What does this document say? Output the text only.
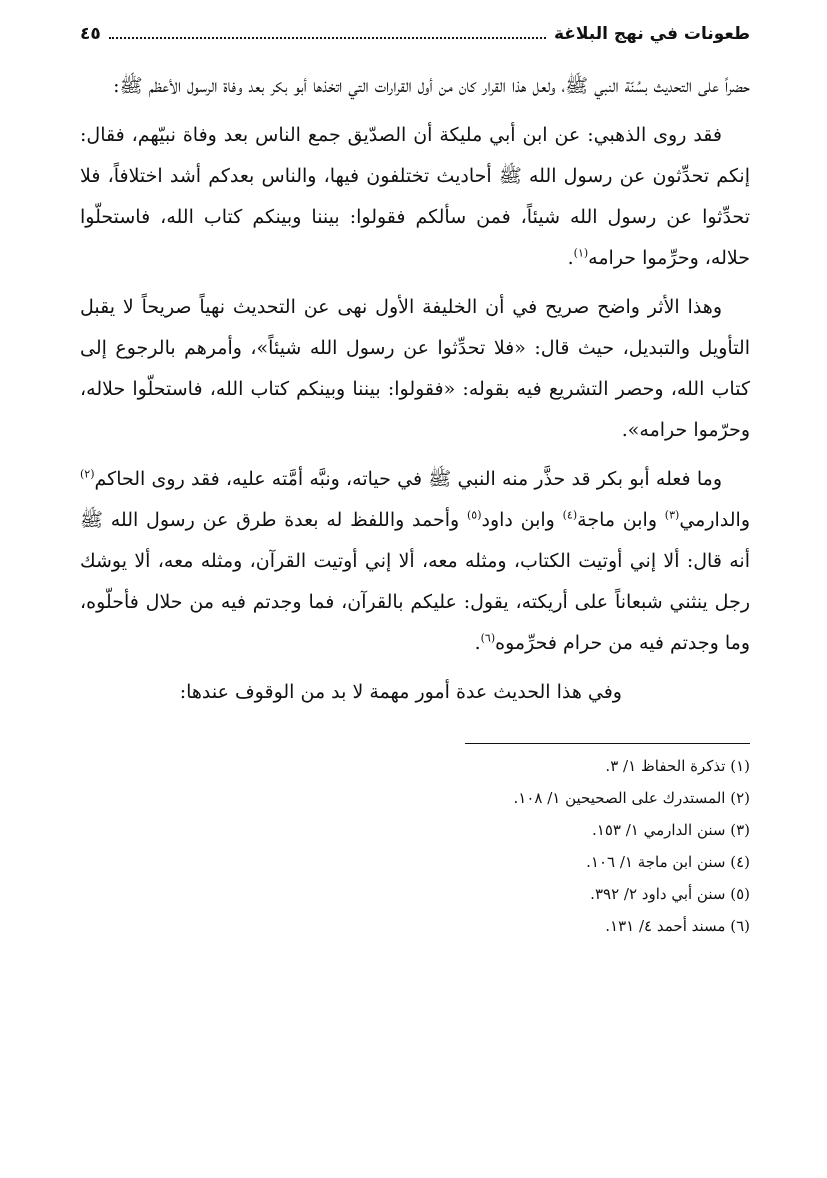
طعونات في نهج البلاغة
٤٥

حضراً على التحديث بسُنّة النبي ﷺ، ولعل هذا القرار كان من أول القرارات التي اتخذها أبو بكر بعد وفاة الرسول الأعظم ﷺ:

فقد روى الذهبي: عن ابن أبي مليكة أن الصدّيق جمع الناس بعد وفاة نبيّهم، فقال: إنكم تحدِّثون عن رسول الله ﷺ أحاديث تختلفون فيها، والناس بعدكم أشد اختلافاً، فلا تحدِّثوا عن رسول الله شيئاً، فمن سألكم فقولوا: بيننا وبينكم كتاب الله، فاستحلّوا حلاله، وحرِّموا حرامه$^{(١)}$.

وهذا الأثر واضح صريح في أن الخليفة الأول نهى عن التحديث نهياً صريحاً لا يقبل التأويل والتبديل، حيث قال: «فلا تحدِّثوا عن رسول الله شيئاً»، وأمرهم بالرجوع إلى كتاب الله، وحصر التشريع فيه بقوله: «فقولوا: بيننا وبينكم كتاب الله، فاستحلّوا حلاله، وحرّموا حرامه».

وما فعله أبو بكر قد حذَّر منه النبي ﷺ في حياته، ونبَّه أمَّته عليه، فقد روى الحاكم$^{(٢)}$ والدارمي$^{(٣)}$ وابن ماجة$^{(٤)}$ وابن داود$^{(٥)}$ وأحمد واللفظ له بعدة طرق عن رسول الله ﷺ أنه قال: ألا إني أوتيت الكتاب، ومثله معه، ألا إني أوتيت القرآن، ومثله معه، ألا يوشك رجل ينثني شبعاناً على أريكته، يقول: عليكم بالقرآن، فما وجدتم فيه من حلال فأحلّوه، وما وجدتم فيه من حرام فحرِّموه$^{(٦)}$.

وفي هذا الحديث عدة أمور مهمة لا بد من الوقوف عندها:

(١) تذكرة الحفاظ ١/ ٣.
(٢) المستدرك على الصحيحين ١/ ١٠٨.
(٣) سنن الدارمي ١/ ١٥٣.
(٤) سنن ابن ماجة ١/ ١٠٦.
(٥) سنن أبي داود ٢/ ٣٩٢.
(٦) مسند أحمد ٤/ ١٣١.
